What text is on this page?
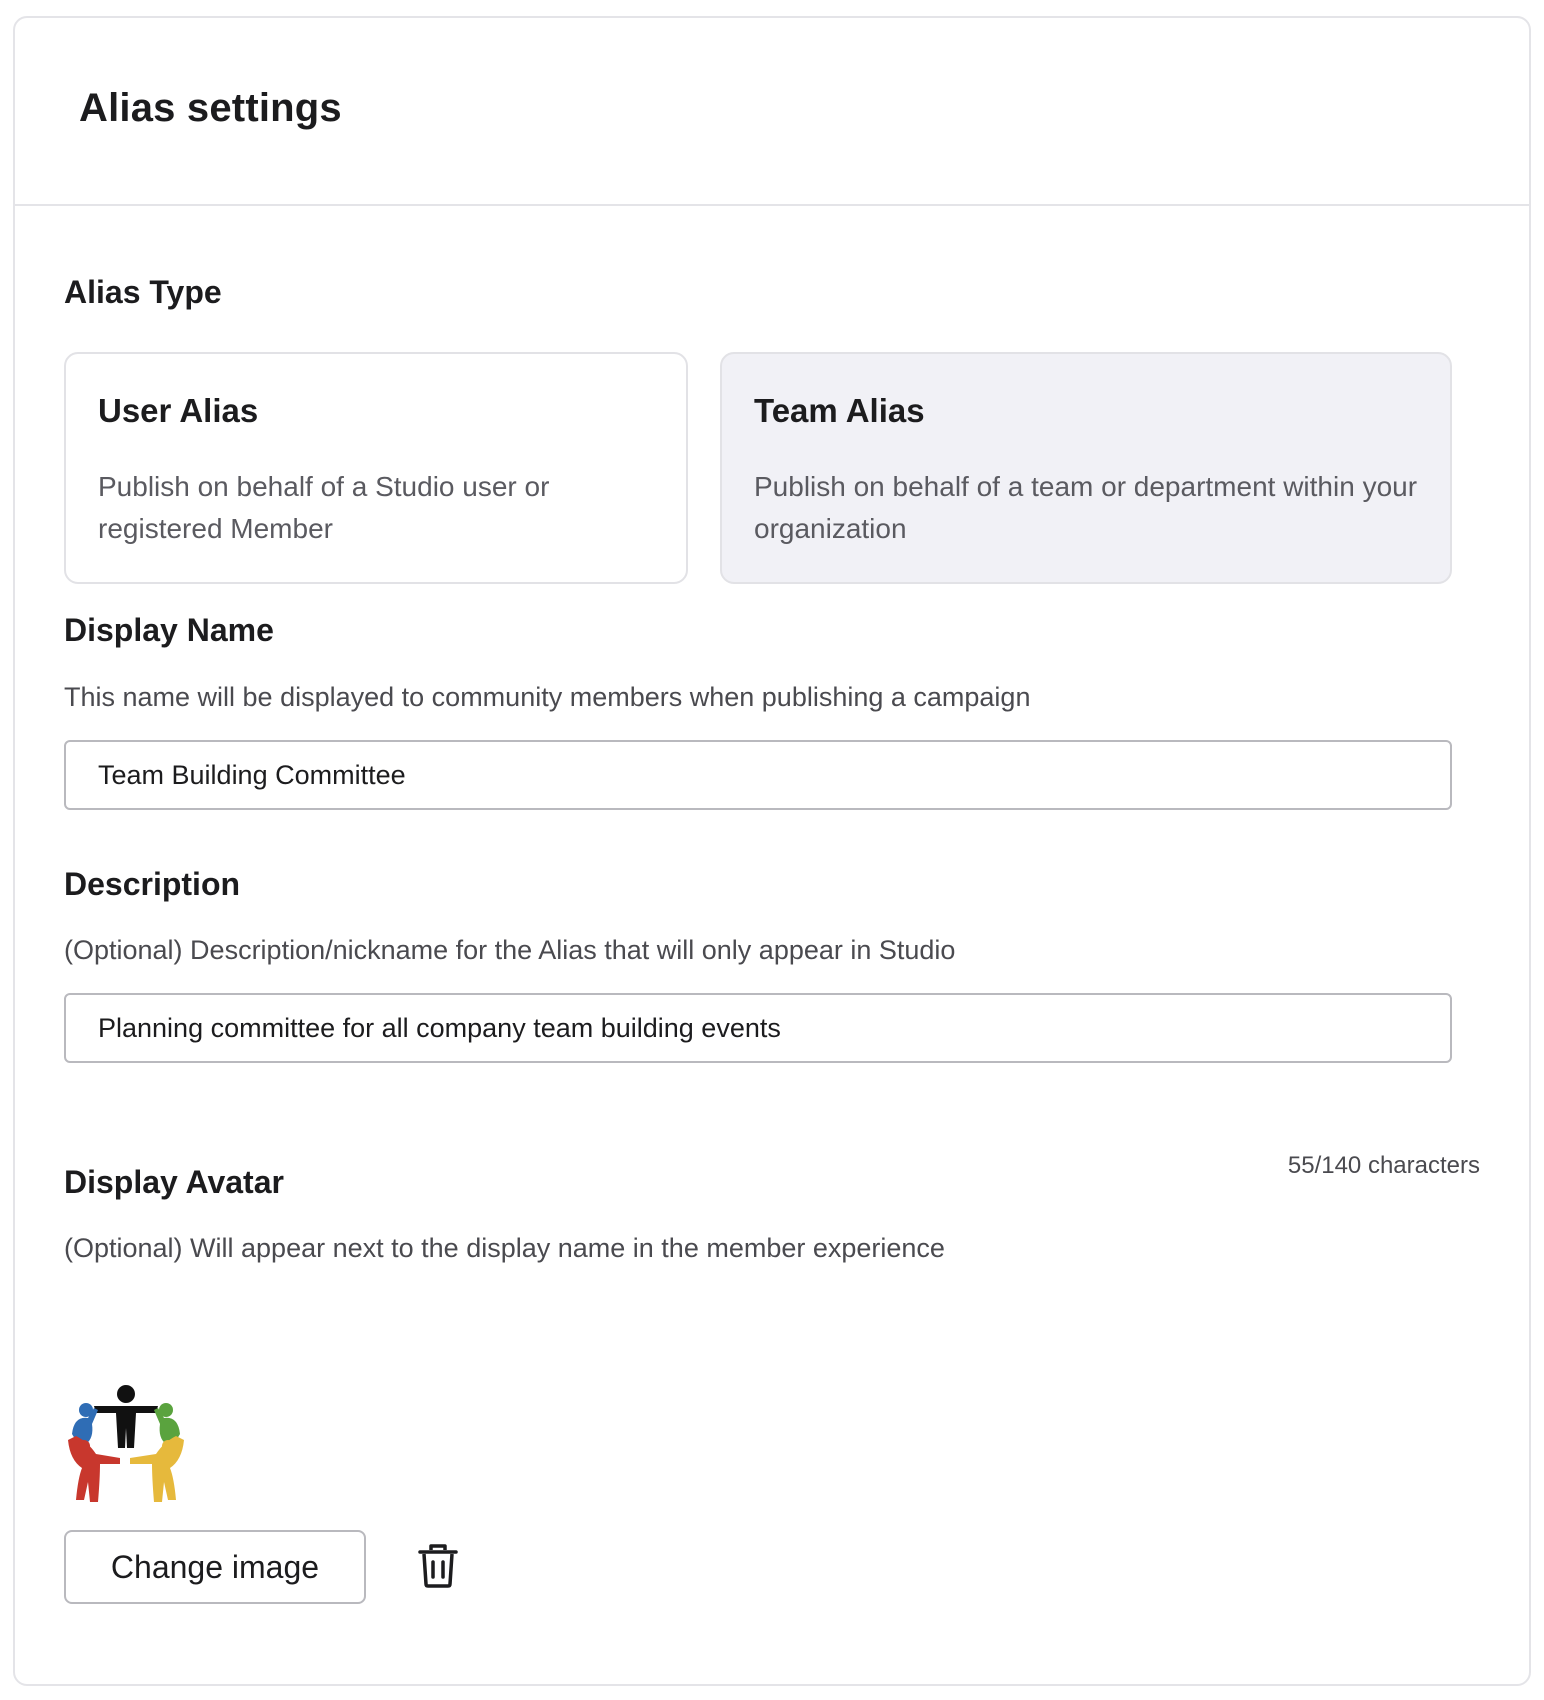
Alias settings
Alias Type
User Alias
Publish on behalf of a Studio user or registered Member
Team Alias
Publish on behalf of a team or department within your organization
Display Name

This name will be displayed to community members when publishing a campaign

Team Building Committee
Description

(Optional) Description/nickname for the Alias that will only appear in Studio

Planning committee for all company team building events
55/140 characters
Display Avatar

(Optional) Will appear next to the display name in the member experience

Change image
